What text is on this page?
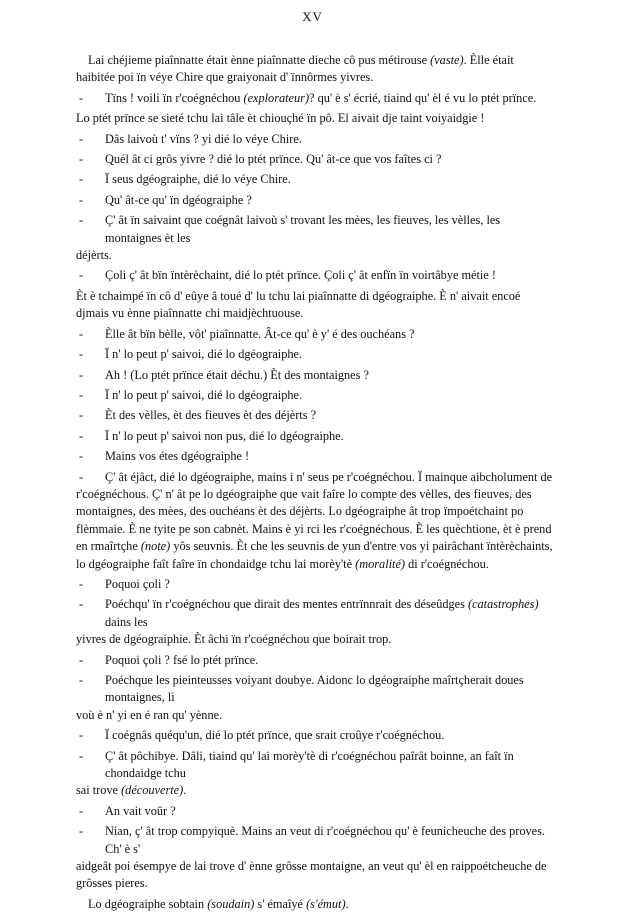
XV

Lai chéjieme piaînnatte était ènne piaînnatte dieche cô pus métirouse (vaste). Èlle était haibitée poi ïn véye Chire que graiyonait d' ïnnôrmes yivres.

- Tïns ! voili ïn r'coégnéchou (explorateur)? qu' è s' écrié, tiaind qu' èl é vu lo ptét prïnce.

Lo ptét prïnce se sieté tchu lai tâle èt chiouçhé ïn pô. El aivait dje taint voiyaidgie !

- Dâs laivoù t' vïns ? yi dié lo véye Chire.
- Quél ât ci grôs yivre ? dié lo ptét prïnce. Qu' ât-ce que vos faîtes ci ?
- Ï seus dgéograiphe, dié lo véye Chire.
- Qu' ât-ce qu' ïn dgéograiphe ?
- Ç' ât ïn saivaint que coégnât laivoù s' trovant les mèes, les fieuves, les vèlles, les montaignes èt les
déjèrts.
- Çoli ç' ât bïn ïntèrèchaint, dié lo ptét prïnce. Çoli ç' ât enfïn ïn voirtâbye métie !

Èt è tchaimpé ïn cô d' eûye â toué d' lu tchu lai piaînnatte di dgéograiphe. È n' aivait encoé djmais vu ènne piaînnatte chi maidjèchtuouse.

- Èlle ât bïn bèlle, vôt' piaînnatte. Ât-ce qu' è y' é des ouchéans ?
- Ï n' lo peut p' saivoi, dié lo dgéograiphe.
- Ah ! (Lo ptét prïnce était déchu.) Èt des montaignes ?
- Ï n' lo peut p' saivoi, dié lo dgéograiphe.
- Èt des vèlles, èt des fieuves èt des déjèrts ?
- Ï n' lo peut p' saivoi non pus, dié lo dgéograiphe.
- Mains vos étes dgéograiphe !
- Ç' ât éjâct, dié lo dgéograiphe, mains i n' seus pe r'coégnéchou. Ï mainque aibcholument de
r'coégnéchous. Ç' n' ât pe lo dgéograiphe que vait faîre lo compte des vèlles, des fieuves, des montaignes, des mèes, des ouchéans èt des déjèrts. Lo dgéograiphe ât trop ïmpoétchaint po flèmmaie. È ne tyite pe son cabnèt. Mains è yi rci les r'coégnéchous. È les quèchtione, èt è prend en rmaîrtçhe (note) yôs seuvnis. Èt che les seuvnis de yun d'entre vos yi pairâchant ïntèrèchaints, lo dgéograiphe faît faîre ïn chondaidge tchu lai morèy'tè (moralité) di r'coégnéchou.
- Poquoi çoli ?
- Poéchqu' ïn r'coégnéchou que dirait des mentes entrïnnrait des déseûdges (catastrophes)
dains les
yivres de dgéograiphie. Èt âchi ïn r'coégnéchou que boirait trop.
- Poquoi çoli ? fsé lo ptét prïnce.
- Poéchque les pieinteusses voiyant doubye. Aidonc lo dgéograiphe maîrtçherait doues montaignes, li
voù è n' yi en é ran qu' yènne.
- Ï coégnâs quéqu'un, dié lo ptét prïnce, que srait croûye r'coégnéchou.
- Ç' ât pôchibye. Dâli, tiaind qu' lai morèy'tè di r'coégnéchou paîrât boinne, an faît ïn chondaidge tchu
sai trove (découverte).
- An vait voûr ?
- Nian, ç' ât trop compyiquè. Mains an veut di r'coégnéchou qu' è feunicheuche des proves. Ch' è s'
aidgeât poi ésempye de lai trove d' ènne grôsse montaigne, an veut qu' èl en raippoétcheuche de grôsses pieres.

Lo dgéograiphe sobtain (soudain) s' émaîyé (s'émut).
